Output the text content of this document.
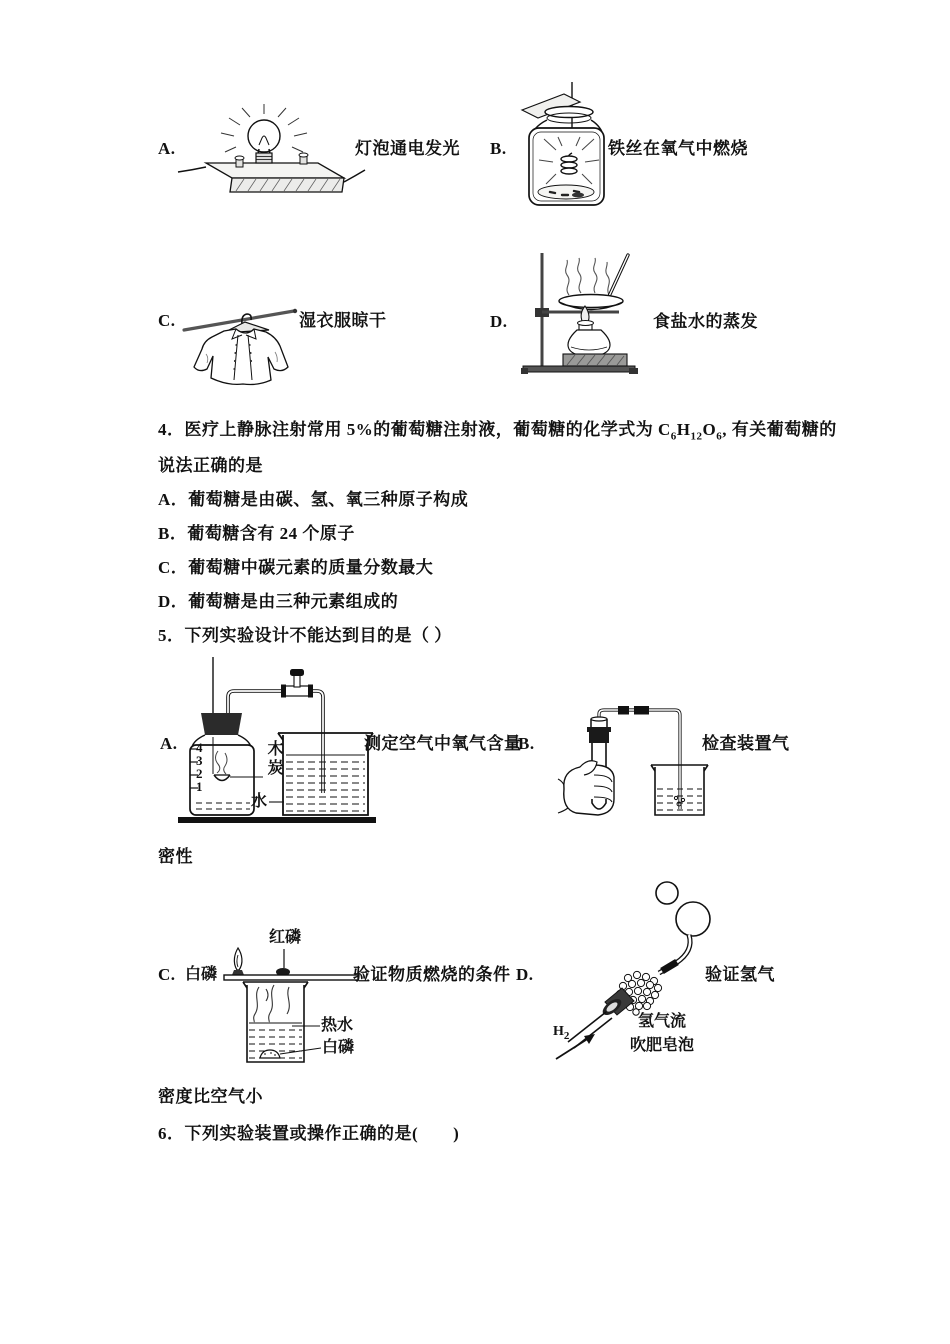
A.	灯泡通电发光 B.	铁丝在氧气中燃烧
C.	湿衣服晾干	D.	食盐水的蒸发
4．医疗上静脉注射常用 5%的葡萄糖注射液，葡萄糖的化学式为 $C_6H_{12}O_6$, 有关葡萄糖的
说法正确的是
A．葡萄糖是由碳、氢、氧三种原子构成
B．葡萄糖含有 24 个原子
C．葡萄糖中碳元素的质量分数最大
D．葡萄糖是由三种元素组成的
5．下列实验设计不能达到目的是（ ）
A. 4
3
2
1
木炭
水
测定空气中氧气含量
B.	检查装置气
密性
C. 白磷
红磷
热水
白磷
验证物质燃烧的条件 D.
$H_2$
氢气流
吹肥皂泡
验证氢气
密度比空气小
6．下列实验装置或操作正确的是(　　)
